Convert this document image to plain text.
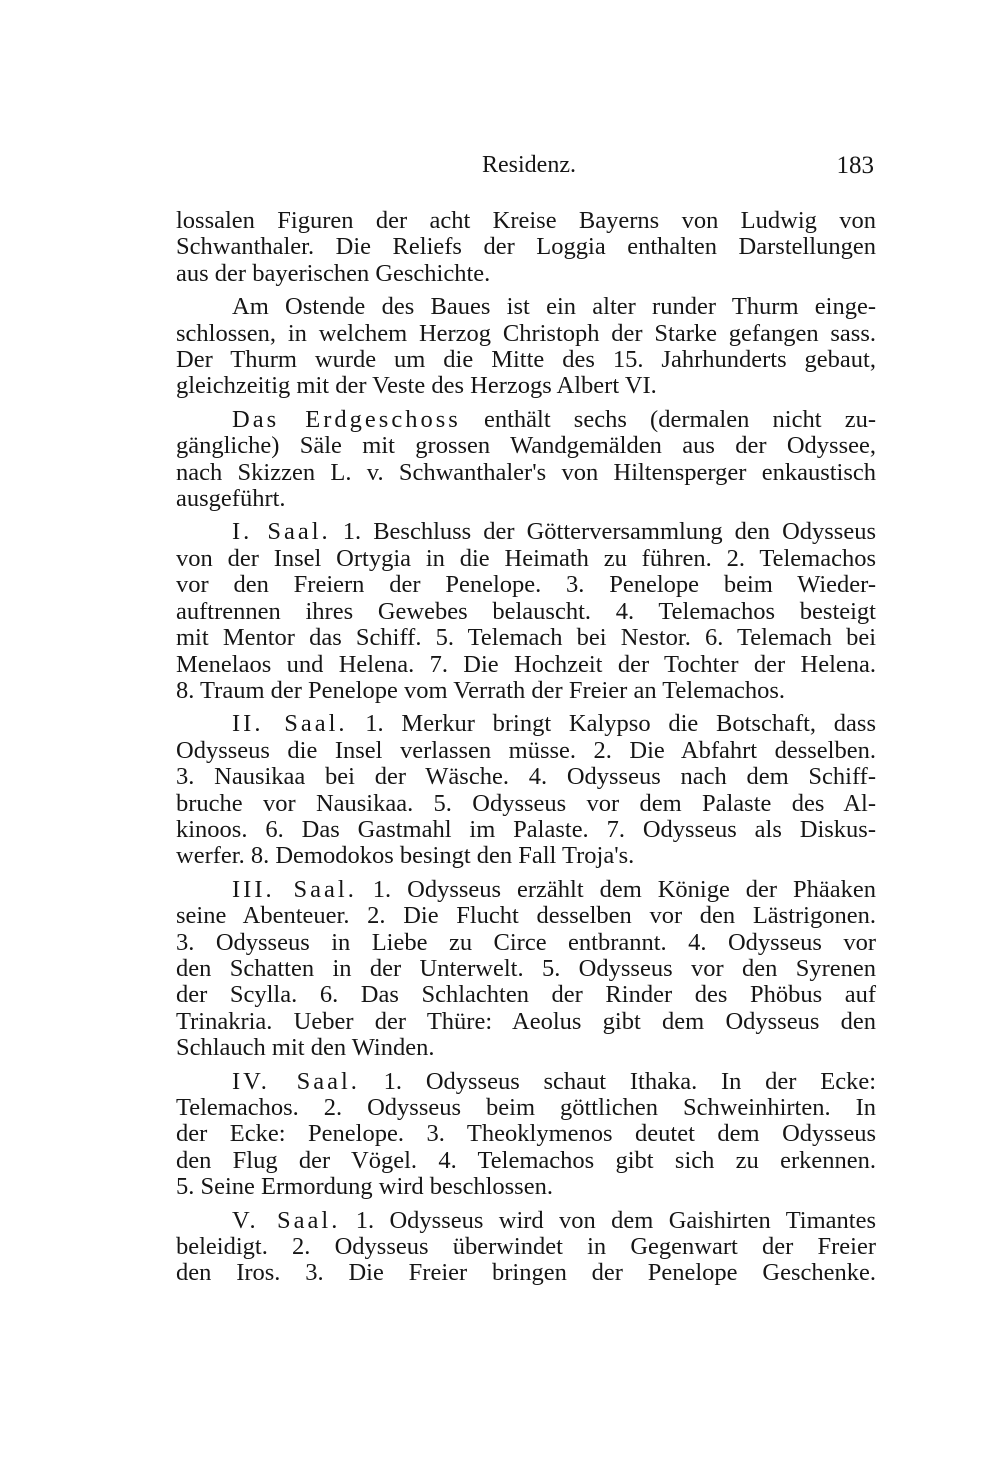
Residenz.	183
lossalen Figuren der acht Kreise Bayerns von Ludwig von
Schwanthaler. Die Reliefs der Loggia enthalten Darstellungen
aus der bayerischen Geschichte.
Am Ostende des Baues ist ein alter runder Thurm einge-
schlossen, in welchem Herzog Christoph der Starke gefangen sass.
Der Thurm wurde um die Mitte des 15. Jahrhunderts gebaut,
gleichzeitig mit der Veste des Herzogs Albert VI.
Das Erdgeschoss enthält sechs (dermalen nicht zu-
gängliche) Säle mit grossen Wandgemälden aus der Odyssee,
nach Skizzen L. v. Schwanthaler's von Hiltensperger enkaustisch
ausgeführt.
I. Saal. 1. Beschluss der Götterversammlung den Odysseus
von der Insel Ortygia in die Heimath zu führen. 2. Telemachos
vor den Freiern der Penelope. 3. Penelope beim Wieder-
auftrennen ihres Gewebes belauscht. 4. Telemachos besteigt
mit Mentor das Schiff. 5. Telemach bei Nestor. 6. Telemach bei
Menelaos und Helena. 7. Die Hochzeit der Tochter der Helena.
8. Traum der Penelope vom Verrath der Freier an Telemachos.
II. Saal. 1. Merkur bringt Kalypso die Botschaft, dass
Odysseus die Insel verlassen müsse. 2. Die Abfahrt desselben.
3. Nausikaa bei der Wäsche. 4. Odysseus nach dem Schiff-
bruche vor Nausikaa. 5. Odysseus vor dem Palaste des Al-
kinoos. 6. Das Gastmahl im Palaste. 7. Odysseus als Diskus-
werfer. 8. Demodokos besingt den Fall Troja's.
III. Saal. 1. Odysseus erzählt dem Könige der Phäaken
seine Abenteuer. 2. Die Flucht desselben vor den Lästrigonen.
3. Odysseus in Liebe zu Circe entbrannt. 4. Odysseus vor
den Schatten in der Unterwelt. 5. Odysseus vor den Syrenen
der Scylla. 6. Das Schlachten der Rinder des Phöbus auf
Trinakria. Ueber der Thüre: Aeolus gibt dem Odysseus den
Schlauch mit den Winden.
IV. Saal. 1. Odysseus schaut Ithaka. In der Ecke:
Telemachos. 2. Odysseus beim göttlichen Schweinhirten. In
der Ecke: Penelope. 3. Theoklymenos deutet dem Odysseus
den Flug der Vögel. 4. Telemachos gibt sich zu erkennen.
5. Seine Ermordung wird beschlossen.
V. Saal. 1. Odysseus wird von dem Gaishirten Timantes
beleidigt. 2. Odysseus überwindet in Gegenwart der Freier
den Iros. 3. Die Freier bringen der Penelope Geschenke.
